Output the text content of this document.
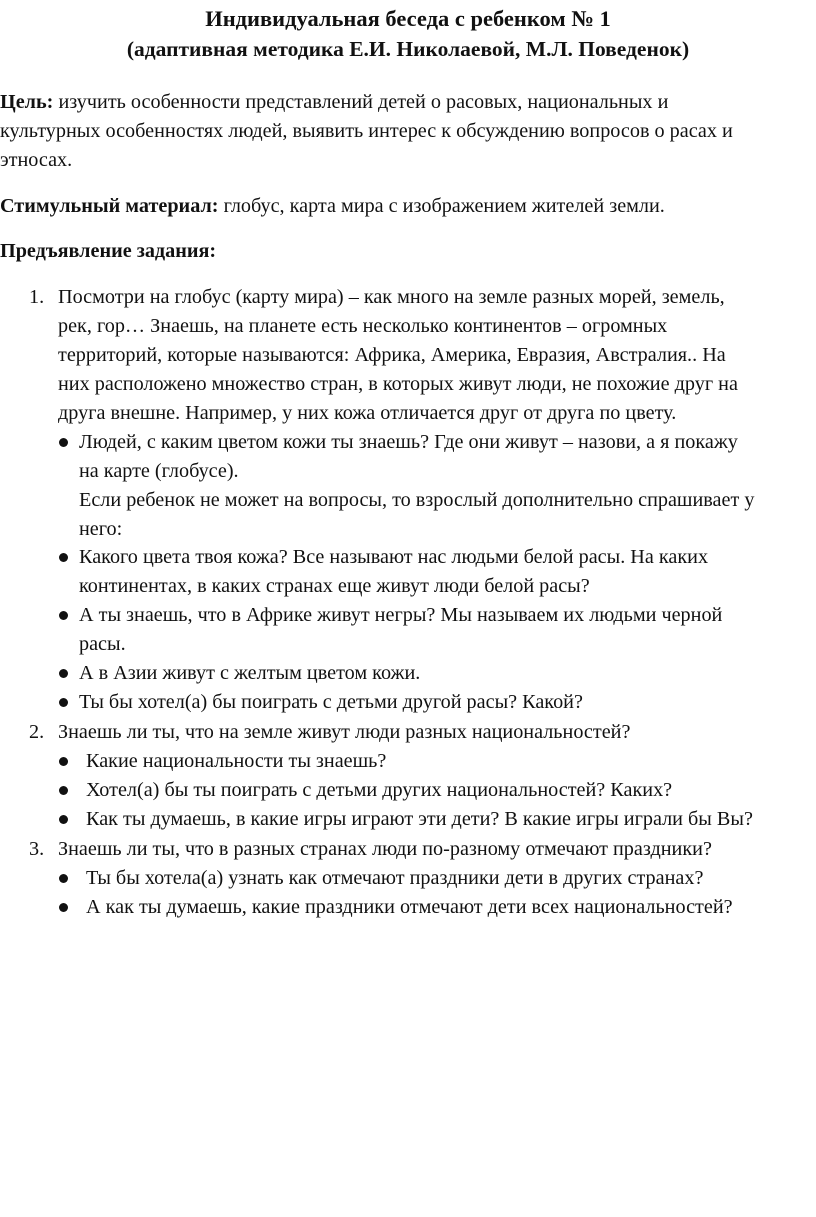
Индивидуальная беседа с ребенком № 1
(адаптивная методика Е.И. Николаевой, М.Л. Поведенок)
Цель: изучить особенности представлений детей о расовых, национальных и
культурных особенностях людей, выявить интерес к обсуждению вопросов о расах и
этносах.
Стимульный материал: глобус, карта мира с изображением жителей земли.
Предъявление задания:
1. Посмотри на глобус (карту мира) – как много на земле разных морей, земель,
рек, гор… Знаешь, на планете есть несколько континентов – огромных
территорий, которые называются: Африка, Америка, Евразия, Австралия.. На
них расположено множество стран, в которых живут люди, не похожие друг на
друга внешне. Например, у них кожа отличается друг от друга по цвету.
Людей, с каким цветом кожи ты знаешь? Где они живут – назови, а я покажу
на карте (глобусе).
Если ребенок не может на вопросы, то взрослый дополнительно спрашивает у
него:
Какого цвета твоя кожа? Все называют нас людьми белой расы. На каких
континентах, в каких странах еще живут люди белой расы?
А ты знаешь, что в Африке живут негры? Мы называем их людьми черной
расы.
А в Азии живут с желтым цветом кожи.
Ты бы хотел(а) бы поиграть с детьми другой расы? Какой?
2. Знаешь ли ты, что на земле живут люди разных национальностей?
Какие национальности ты знаешь?
Хотел(а) бы ты поиграть с детьми других национальностей? Каких?
Как ты думаешь, в какие игры играют эти дети? В какие игры играли бы Вы?
3. Знаешь ли ты, что в разных странах люди по-разному отмечают праздники?
Ты бы хотела(а) узнать как отмечают праздники дети в других странах?
А как ты думаешь, какие праздники отмечают дети всех национальностей?
